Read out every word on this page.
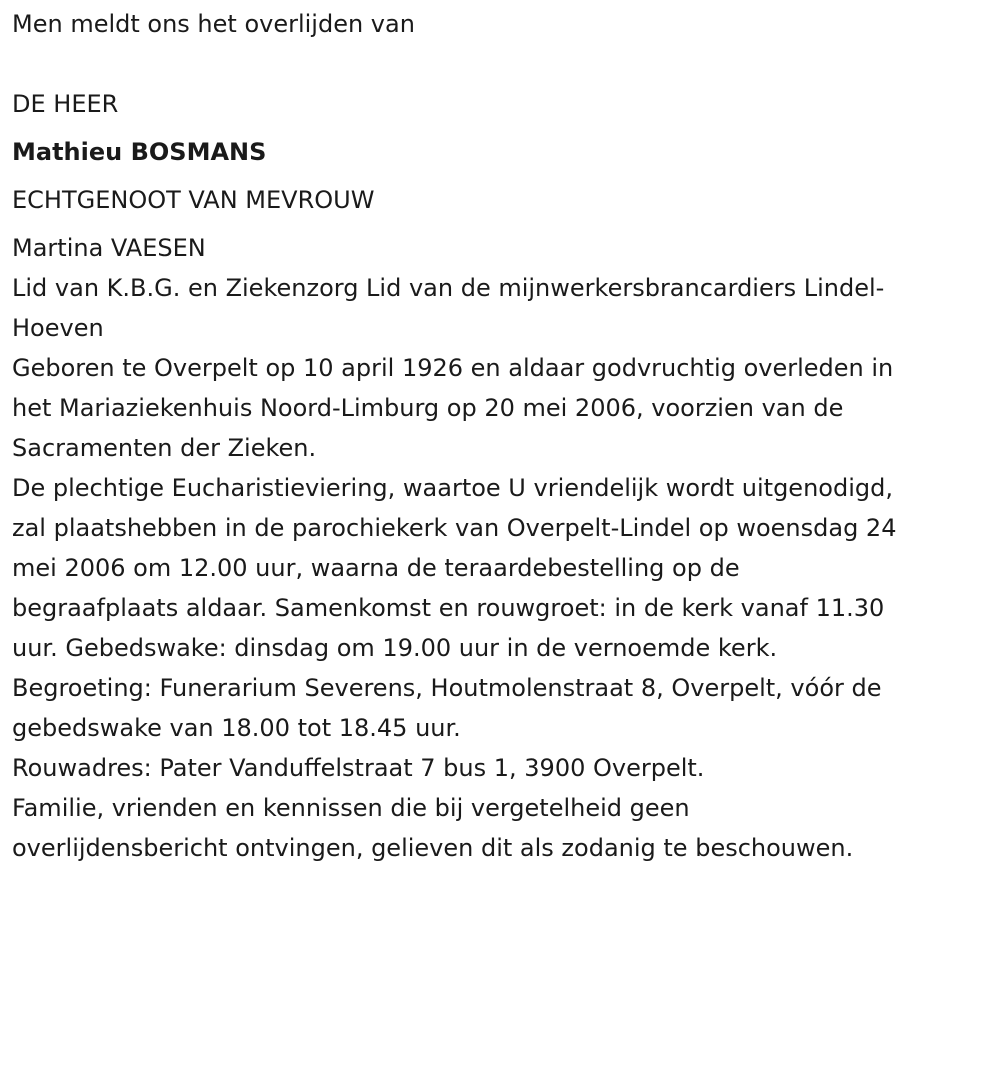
Men meldt ons het overlijden van
DE HEER
Mathieu BOSMANS
ECHTGENOOT VAN MEVROUW
Martina VAESEN
Lid van K.B.G. en Ziekenzorg Lid van de mijnwerkersbrancardiers Lindel-
Hoeven
Geboren te Overpelt op 10 april 1926 en aldaar godvruchtig overleden in
het Mariaziekenhuis Noord-Limburg op 20 mei 2006, voorzien van de
Sacramenten der Zieken.
De plechtige Eucharistieviering, waartoe U vriendelijk wordt uitgenodigd,
zal plaatshebben in de parochiekerk van Overpelt-Lindel op woensdag 24
mei 2006 om 12.00 uur, waarna de teraardebestelling op de
begraafplaats aldaar. Samenkomst en rouwgroet: in de kerk vanaf 11.30
uur. Gebedswake: dinsdag om 19.00 uur in de vernoemde kerk.
Begroeting: Funerarium Severens, Houtmolenstraat 8, Overpelt, vóór de
gebedswake van 18.00 tot 18.45 uur.
Rouwadres: Pater Vanduffelstraat 7 bus 1, 3900 Overpelt.
Familie, vrienden en kennissen die bij vergetelheid geen
overlijdensbericht ontvingen, gelieven dit als zodanig te beschouwen.
